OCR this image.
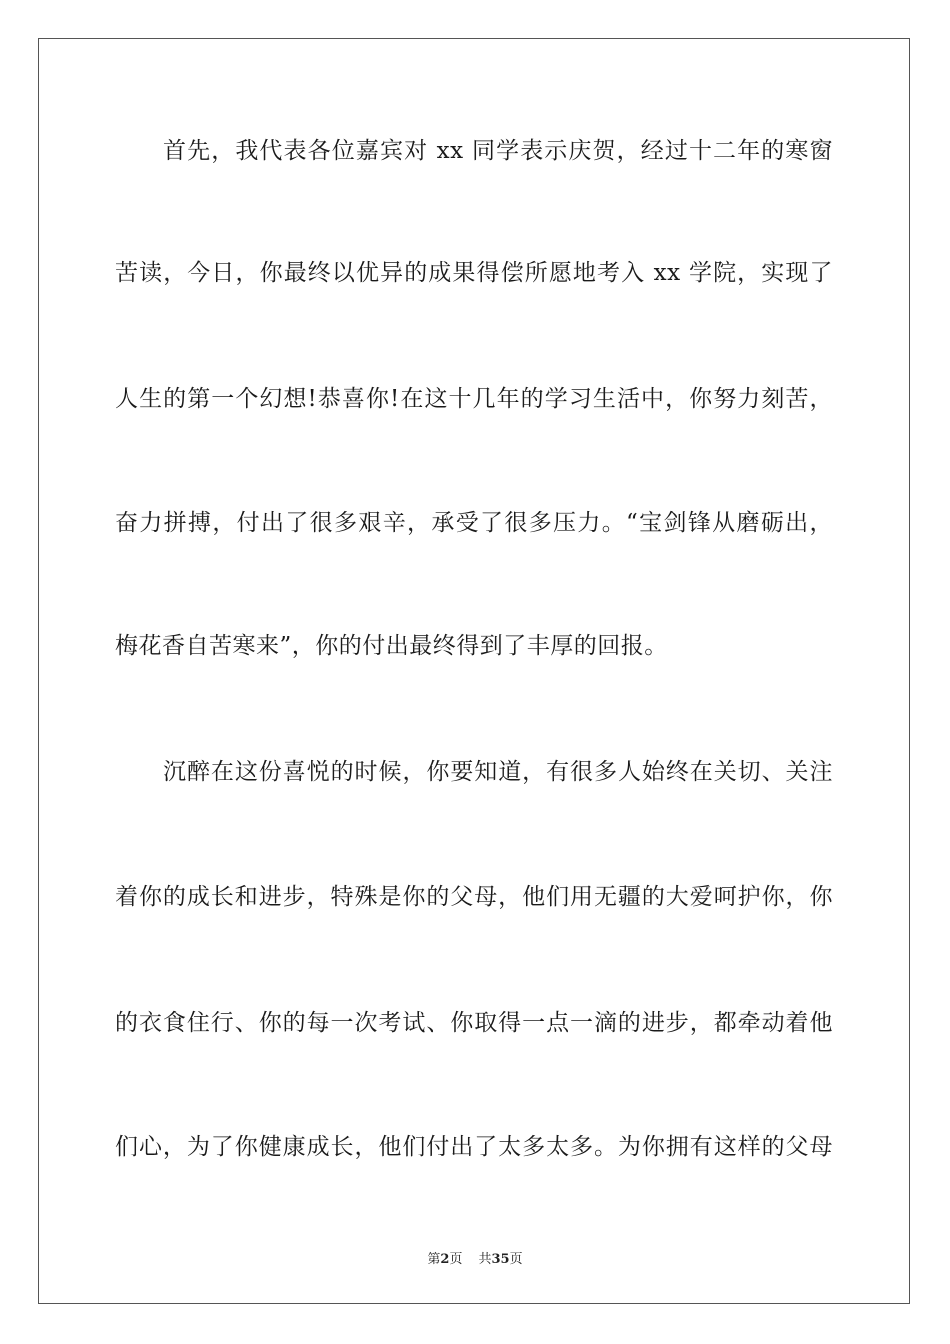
首先，我代表各位嘉宾对 xx 同学表示庆贺，经过十二年的寒窗
苦读，今日，你最终以优异的成果得偿所愿地考入 xx 学院，实现了
人生的第一个幻想!恭喜你!在这十几年的学习生活中，你努力刻苦，
奋力拼搏，付出了很多艰辛，承受了很多压力。“宝剑锋从磨砺出，
梅花香自苦寒来”，你的付出最终得到了丰厚的回报。
沉醉在这份喜悦的时候，你要知道，有很多人始终在关切、关注
着你的成长和进步，特殊是你的父母，他们用无疆的大爱呵护你，你
的衣食住行、你的每一次考试、你取得一点一滴的进步，都牵动着他
们心，为了你健康成长，他们付出了太多太多。为你拥有这样的父母
第2页 共35页
